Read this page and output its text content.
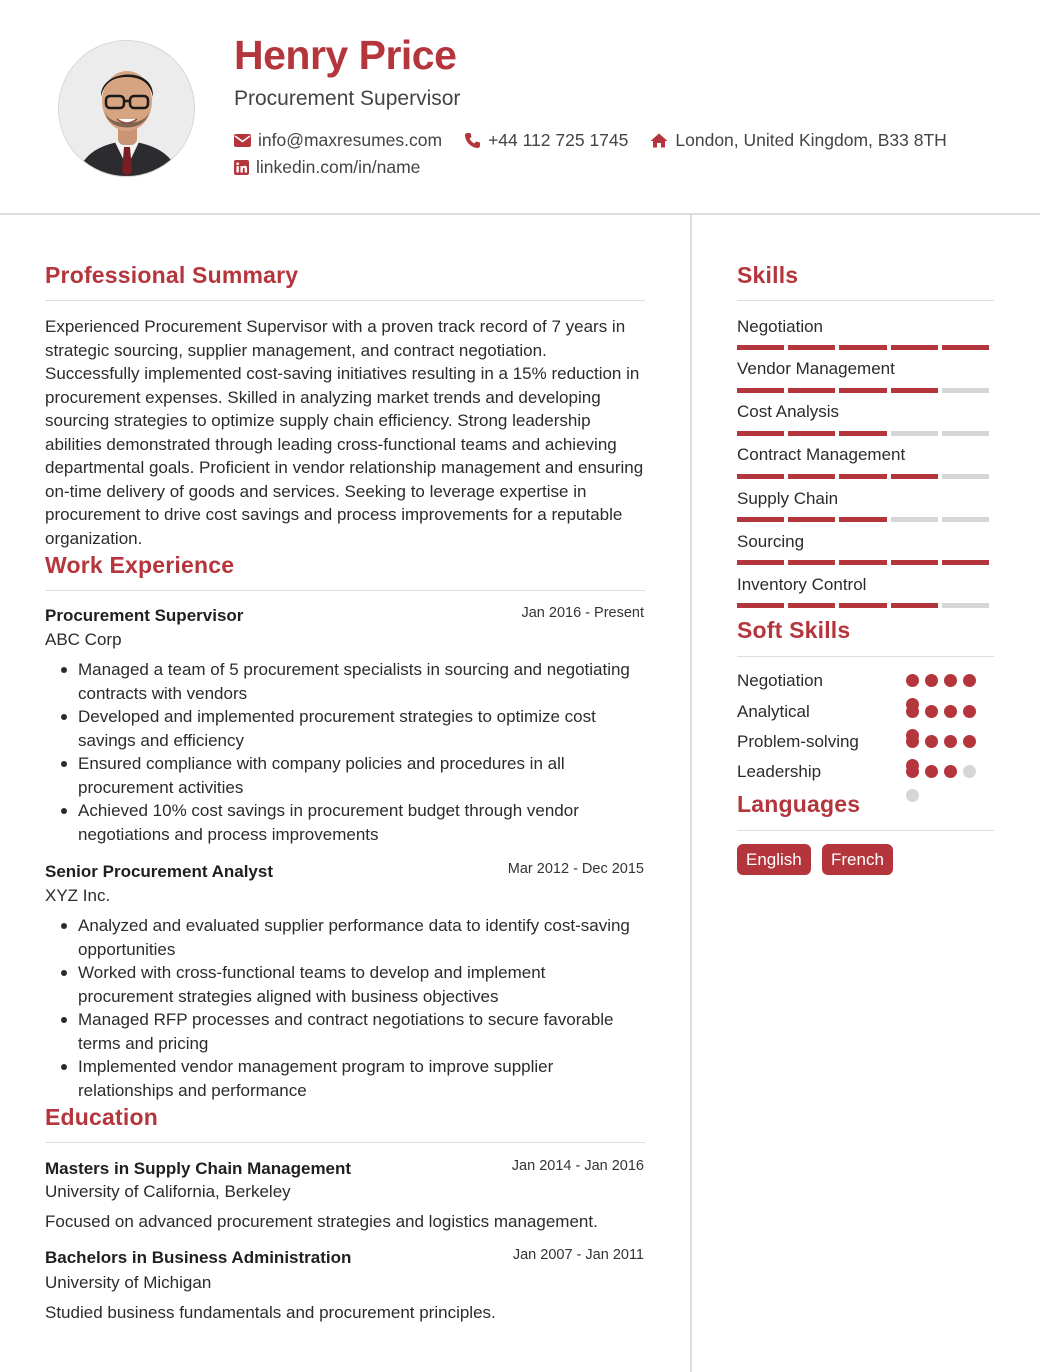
Henry Price
Procurement Supervisor
info@maxresumes.com	+44 112 725 1745	London, United Kingdom, B33 8TH
linkedin.com/in/name
Professional Summary
Experienced Procurement Supervisor with a proven track record of 7 years in strategic sourcing, supplier management, and contract negotiation. Successfully implemented cost-saving initiatives resulting in a 15% reduction in procurement expenses. Skilled in analyzing market trends and developing sourcing strategies to optimize supply chain efficiency. Strong leadership abilities demonstrated through leading cross-functional teams and achieving departmental goals. Proficient in vendor relationship management and ensuring on-time delivery of goods and services. Seeking to leverage expertise in procurement to drive cost savings and process improvements for a reputable organization.
Work Experience
Procurement Supervisor	Jan 2016 - Present
ABC Corp
Managed a team of 5 procurement specialists in sourcing and negotiating contracts with vendors
Developed and implemented procurement strategies to optimize cost savings and efficiency
Ensured compliance with company policies and procedures in all procurement activities
Achieved 10% cost savings in procurement budget through vendor negotiations and process improvements
Senior Procurement Analyst	Mar 2012 - Dec 2015
XYZ Inc.
Analyzed and evaluated supplier performance data to identify cost-saving opportunities
Worked with cross-functional teams to develop and implement procurement strategies aligned with business objectives
Managed RFP processes and contract negotiations to secure favorable terms and pricing
Implemented vendor management program to improve supplier relationships and performance
Education
Masters in Supply Chain Management	Jan 2014 - Jan 2016
University of California, Berkeley
Focused on advanced procurement strategies and logistics management.
Bachelors in Business Administration	Jan 2007 - Jan 2011
University of Michigan
Studied business fundamentals and procurement principles.
Skills
Negotiation
Vendor Management
Cost Analysis
Contract Management
Supply Chain
Sourcing
Inventory Control
Soft Skills
Negotiation
Analytical
Problem-solving
Leadership
Languages
English	French
